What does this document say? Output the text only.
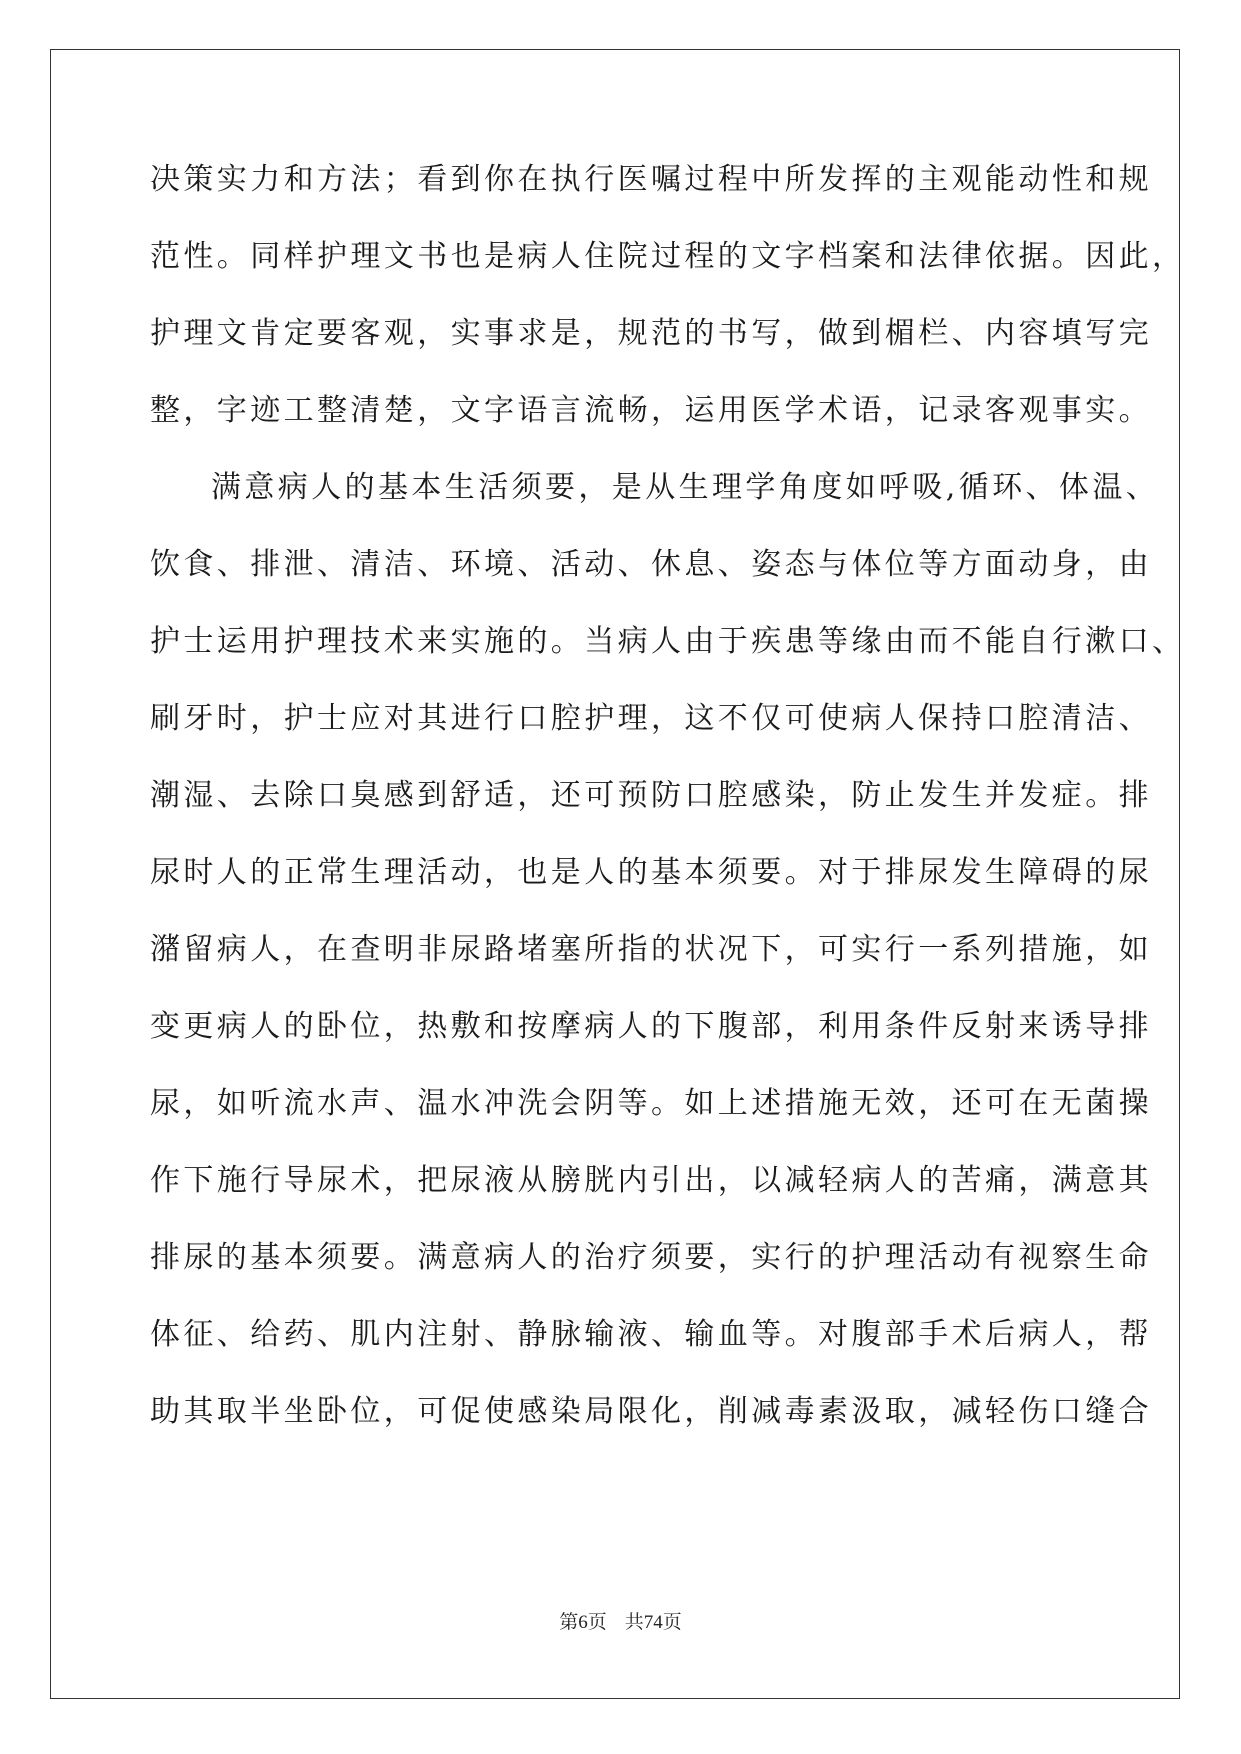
决策实力和方法；看到你在执行医嘱过程中所发挥的主观能动性和规
范性。同样护理文书也是病人住院过程的文字档案和法律依据。因此，
护理文肯定要客观，实事求是，规范的书写，做到楣栏、内容填写完
整，字迹工整清楚，文字语言流畅，运用医学术语，记录客观事实。
满意病人的基本生活须要，是从生理学角度如呼吸,循环、体温、
饮食、排泄、清洁、环境、活动、休息、姿态与体位等方面动身，由
护士运用护理技术来实施的。当病人由于疾患等缘由而不能自行漱口、
刷牙时，护士应对其进行口腔护理，这不仅可使病人保持口腔清洁、
潮湿、去除口臭感到舒适，还可预防口腔感染，防止发生并发症。排
尿时人的正常生理活动，也是人的基本须要。对于排尿发生障碍的尿
潴留病人，在查明非尿路堵塞所指的状况下，可实行一系列措施，如
变更病人的卧位，热敷和按摩病人的下腹部，利用条件反射来诱导排
尿，如听流水声、温水冲洗会阴等。如上述措施无效，还可在无菌操
作下施行导尿术，把尿液从膀胱内引出，以减轻病人的苦痛，满意其
排尿的基本须要。满意病人的治疗须要，实行的护理活动有视察生命
体征、给药、肌内注射、静脉输液、输血等。对腹部手术后病人，帮
助其取半坐卧位，可促使感染局限化，削减毒素汲取，减轻伤口缝合
第6页 共74页
